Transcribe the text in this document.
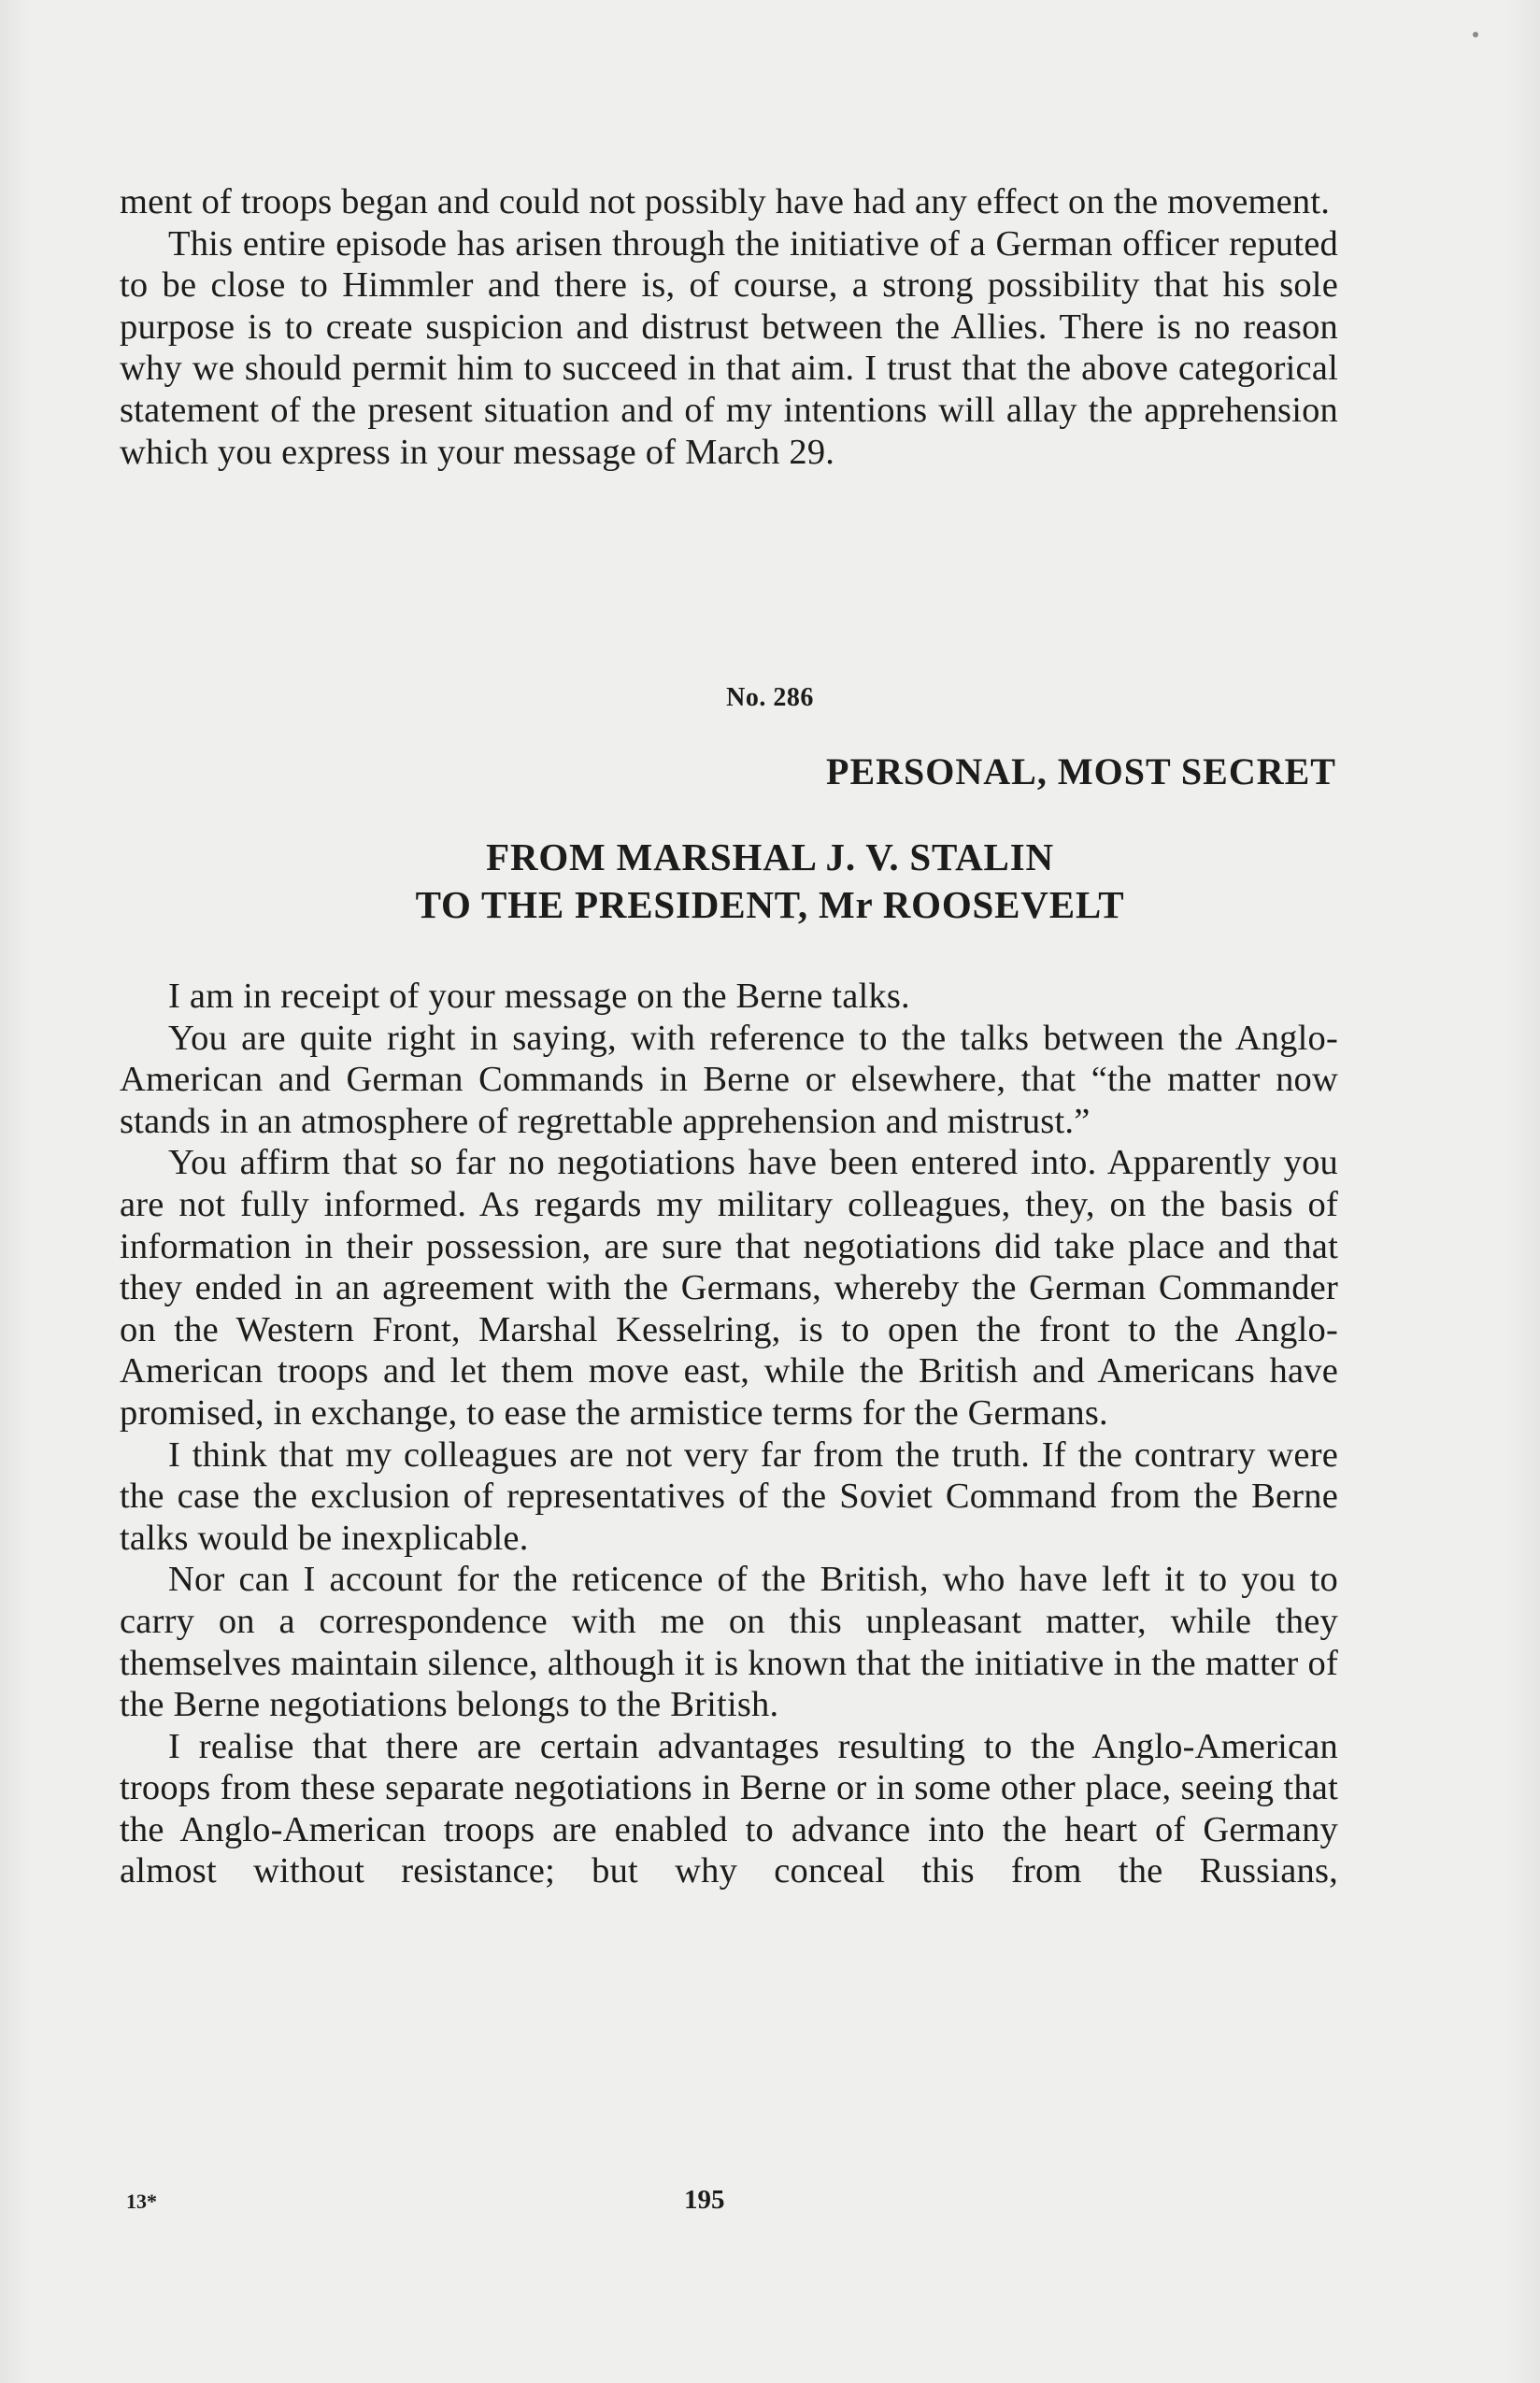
ment of troops began and could not possibly have had any effect on the movement.

This entire episode has arisen through the initiative of a German officer reputed to be close to Himmler and there is, of course, a strong possibility that his sole purpose is to create suspicion and distrust between the Allies. There is no reason why we should permit him to succeed in that aim. I trust that the above categorical statement of the present situation and of my intentions will allay the apprehension which you express in your message of March 29.

No. 286
PERSONAL, MOST SECRET
FROM MARSHAL J. V. STALIN
TO THE PRESIDENT, Mr ROOSEVELT

I am in receipt of your message on the Berne talks.

You are quite right in saying, with reference to the talks between the Anglo-American and German Commands in Berne or elsewhere, that “the matter now stands in an atmosphere of regrettable apprehension and mistrust.”

You affirm that so far no negotiations have been entered into. Apparently you are not fully informed. As regards my military colleagues, they, on the basis of information in their possession, are sure that negotiations did take place and that they ended in an agreement with the Germans, whereby the German Commander on the Western Front, Marshal Kesselring, is to open the front to the Anglo-American troops and let them move east, while the British and Americans have promised, in exchange, to ease the armistice terms for the Germans.

I think that my colleagues are not very far from the truth. If the contrary were the case the exclusion of representatives of the Soviet Command from the Berne talks would be inexplicable.

Nor can I account for the reticence of the British, who have left it to you to carry on a correspondence with me on this unpleasant matter, while they themselves maintain silence, although it is known that the initiative in the matter of the Berne negotiations belongs to the British.

I realise that there are certain advantages resulting to the Anglo-American troops from these separate negotiations in Berne or in some other place, seeing that the Anglo-American troops are enabled to advance into the heart of Germany almost without resistance; but why conceal this from the Russians,

13*	195
